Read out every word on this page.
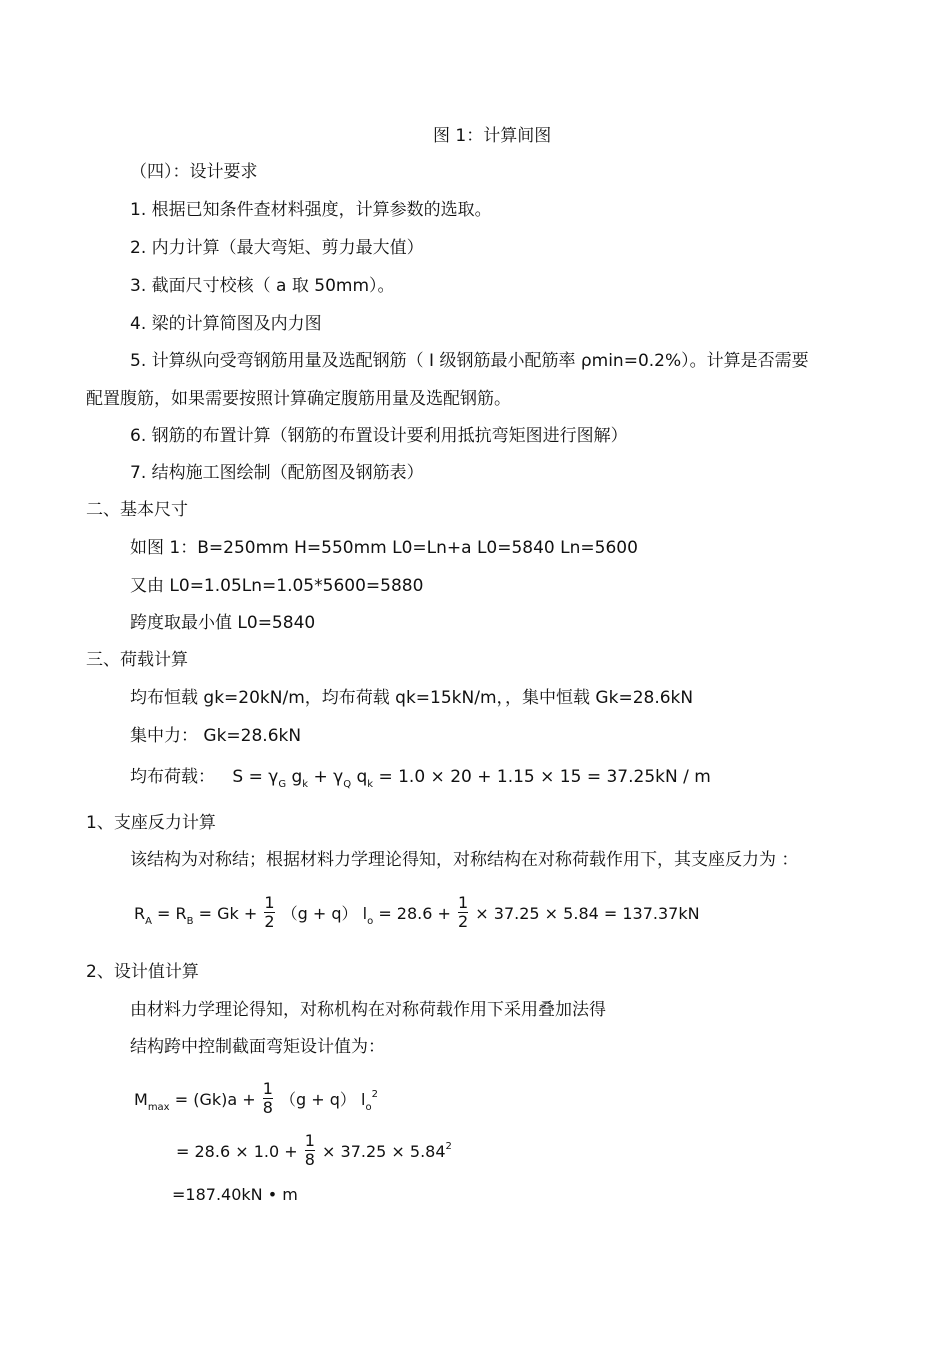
图 1：计算间图
（四）：设计要求
1. 根据已知条件查材料强度，计算参数的选取。
2. 内力计算（最大弯矩、剪力最大值）
3. 截面尺寸校核（ a 取 50mm）。
4. 梁的计算简图及内力图
5. 计算纵向受弯钢筋用量及选配钢筋（ I 级钢筋最小配筋率 ρmin=0.2%）。计算是否需要
配置腹筋，如果需要按照计算确定腹筋用量及选配钢筋。
6. 钢筋的布置计算（钢筋的布置设计要利用抵抗弯矩图进行图解）
7. 结构施工图绘制（配筋图及钢筋表）
二、基本尺寸
如图 1：B=250mm H=550mm L0=Ln+a L0=5840 Ln=5600
又由 L0=1.05Ln=1.05*5600=5880
跨度取最小值 L0=5840
三、荷载计算
均布恒载 gk=20kN/m，均布荷载 qk=15kN/m，，集中恒载 Gk=28.6kN
集中力： Gk=28.6kN
均布荷载： $S = \gamma_G$ $g_k + \gamma_Q$ $q_k = 1.0 \times 20 + 1.15 \times 15 = 37.25kN / m$
1、支座反力计算
该结构为对称结；根据材料力学理论得知，对称结构在对称荷载作用下，其支座反力为 ：
$R_A = R_B = Gk + \frac{1}{2} (g + q) l_o = 28.6 + \frac{1}{2} \times 37.25 \times 5.84 = 137.37kN$
2、设计值计算
由材料力学理论得知，对称机构在对称荷载作用下采用叠加法得
结构跨中控制截面弯矩设计值为：
$M_{max} = (Gk)a + \frac{1}{8} (g + q)$ $l_o^2$
= $28.6 \times 1.0 + \frac{1}{8} \times 37.25 \times 5.84^2$
=187.40kN • m
